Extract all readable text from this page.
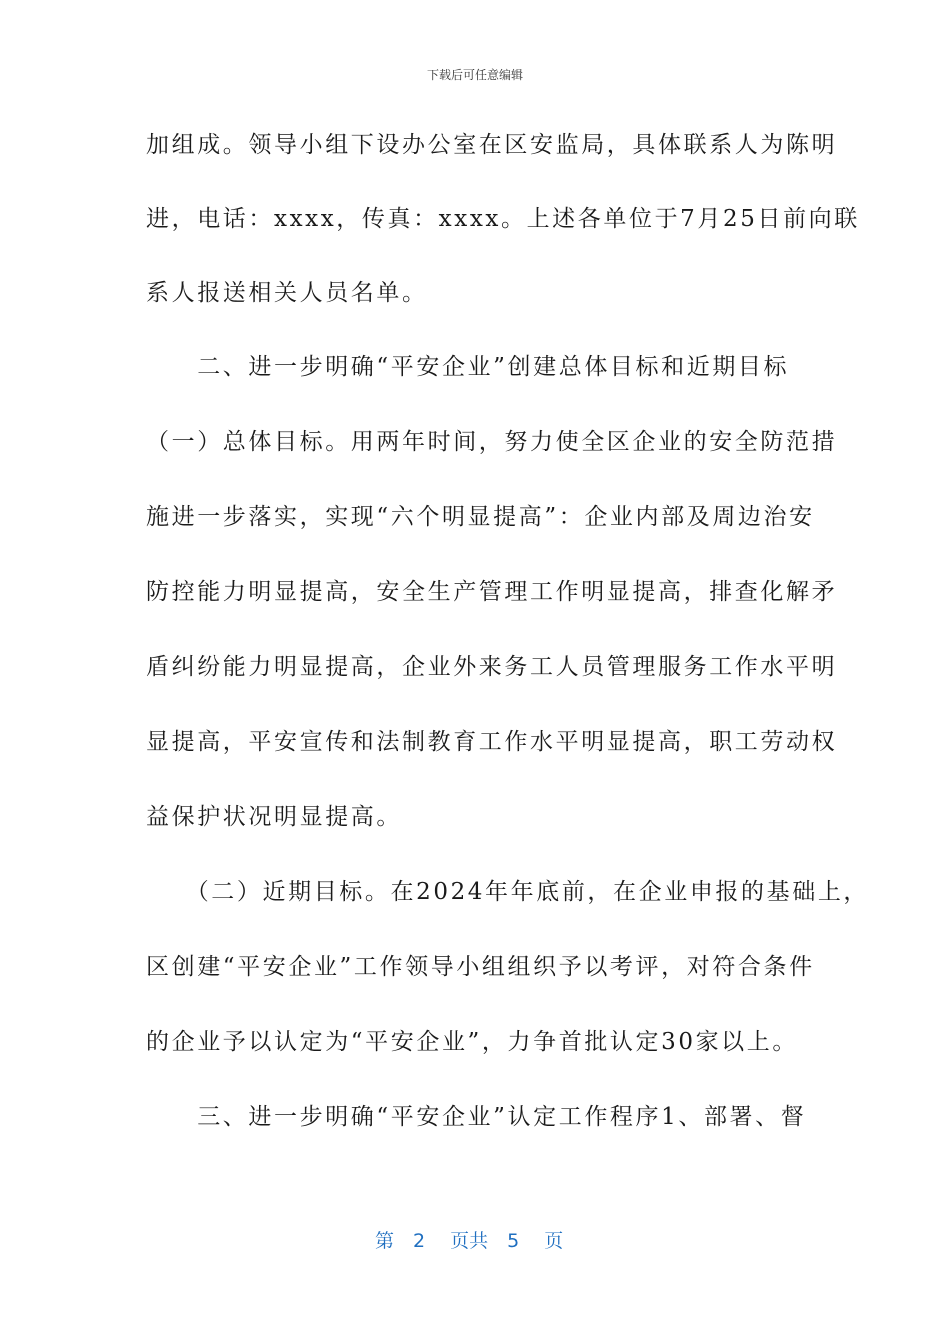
下载后可任意编辑
加组成。领导小组下设办公室在区安监局，具体联系人为陈明
进，电话：xxxx，传真：xxxx。上述各单位于7月25日前向联
系人报送相关人员名单。
　　二、进一步明确“平安企业”创建总体目标和近期目标
（一）总体目标。用两年时间，努力使全区企业的安全防范措
施进一步落实，实现“六个明显提高”：企业内部及周边治安
防控能力明显提高，安全生产管理工作明显提高，排查化解矛
盾纠纷能力明显提高，企业外来务工人员管理服务工作水平明
显提高，平安宣传和法制教育工作水平明显提高，职工劳动权
益保护状况明显提高。
　　（二）近期目标。在2024年年底前，在企业申报的基础上，
区创建“平安企业”工作领导小组组织予以考评，对符合条件
的企业予以认定为“平安企业”，力争首批认定30家以上。
　　三、进一步明确“平安企业”认定工作程序1、部署、督
第　2　 页共　5　 页
